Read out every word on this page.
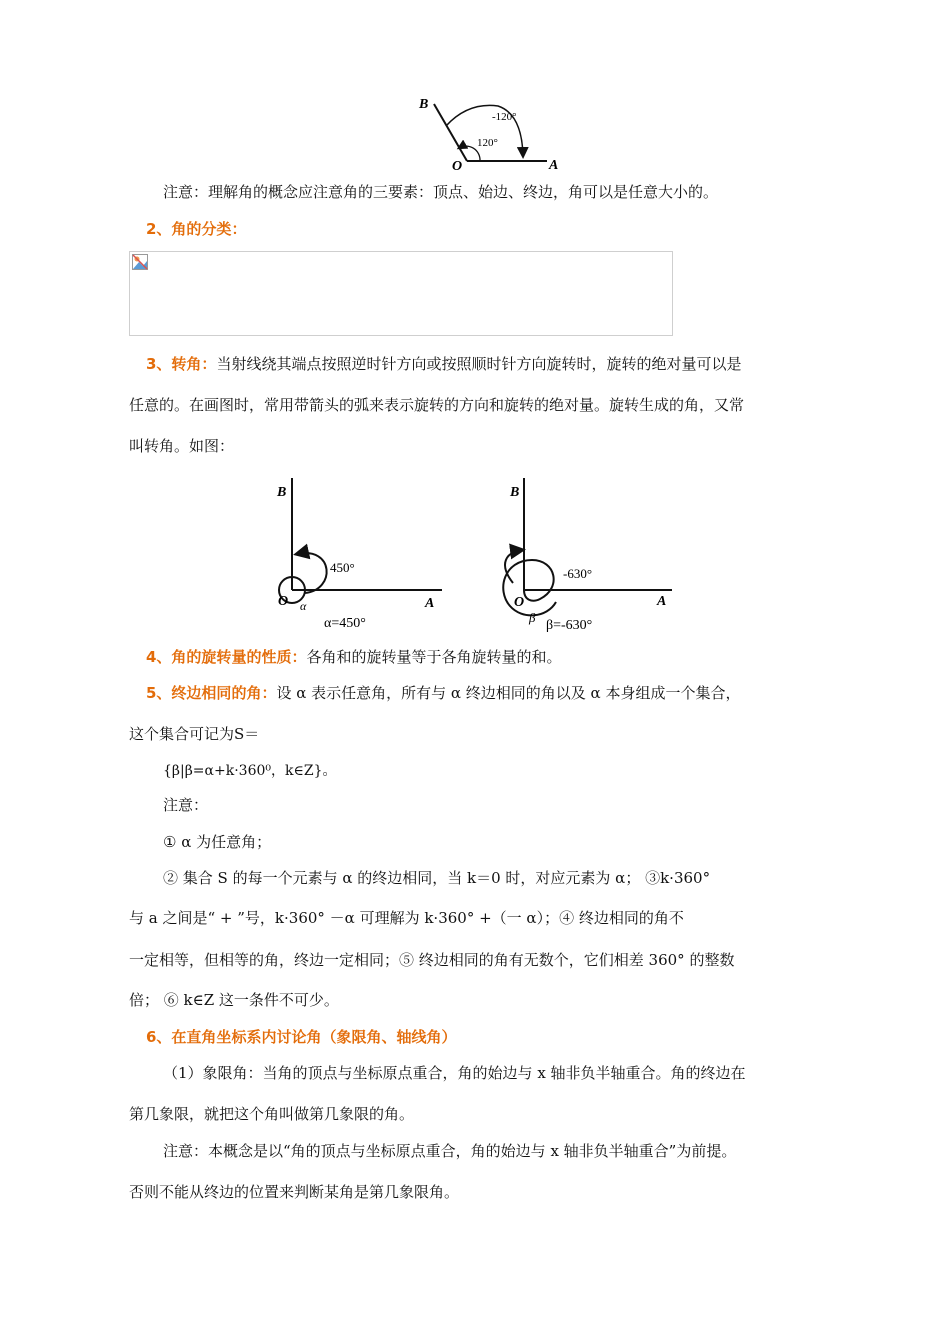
B
-120°
120°
O	A
注意：理解角的概念应注意角的三要素：顶点、始边、终边，角可以是任意大小的。
2、角的分类：
3、转角：当射线绕其端点按照逆时针方向或按照顺时针方向旋转时，旋转的绝对量可以是
任意的。在画图时，常用带箭头的弧来表示旋转的方向和旋转的绝对量。旋转生成的角，又常
叫转角。如图：
B
450°
O α	A
α=450°
B
-630°
O
β
A
β=-630°
4、角的旋转量的性质：各角和的旋转量等于各角旋转量的和。
5、终边相同的角：设 α 表示任意角，所有与 α 终边相同的角以及 α 本身组成一个集合，
这个集合可记为S＝
{β|β=α+k·360⁰，k∈Z}。
注意：
① α 为任意角；
② 集合 S 的每一个元素与 α 的终边相同，当 k＝0 时，对应元素为 α； ③k·360°
与 a 之间是“ + ”号，k·360° －α 可理解为 k·360° +（一 α）；④ 终边相同的角不
一定相等，但相等的角，终边一定相同；⑤ 终边相同的角有无数个，它们相差 360° 的整数
倍； ⑥ k∈Z 这一条件不可少。
6、在直角坐标系内讨论角（象限角、轴线角）
（1）象限角：当角的顶点与坐标原点重合，角的始边与 x 轴非负半轴重合。角的终边在
第几象限，就把这个角叫做第几象限的角。
注意：本概念是以“角的顶点与坐标原点重合，角的始边与 x 轴非负半轴重合”为前提。
否则不能从终边的位置来判断某角是第几象限角。
